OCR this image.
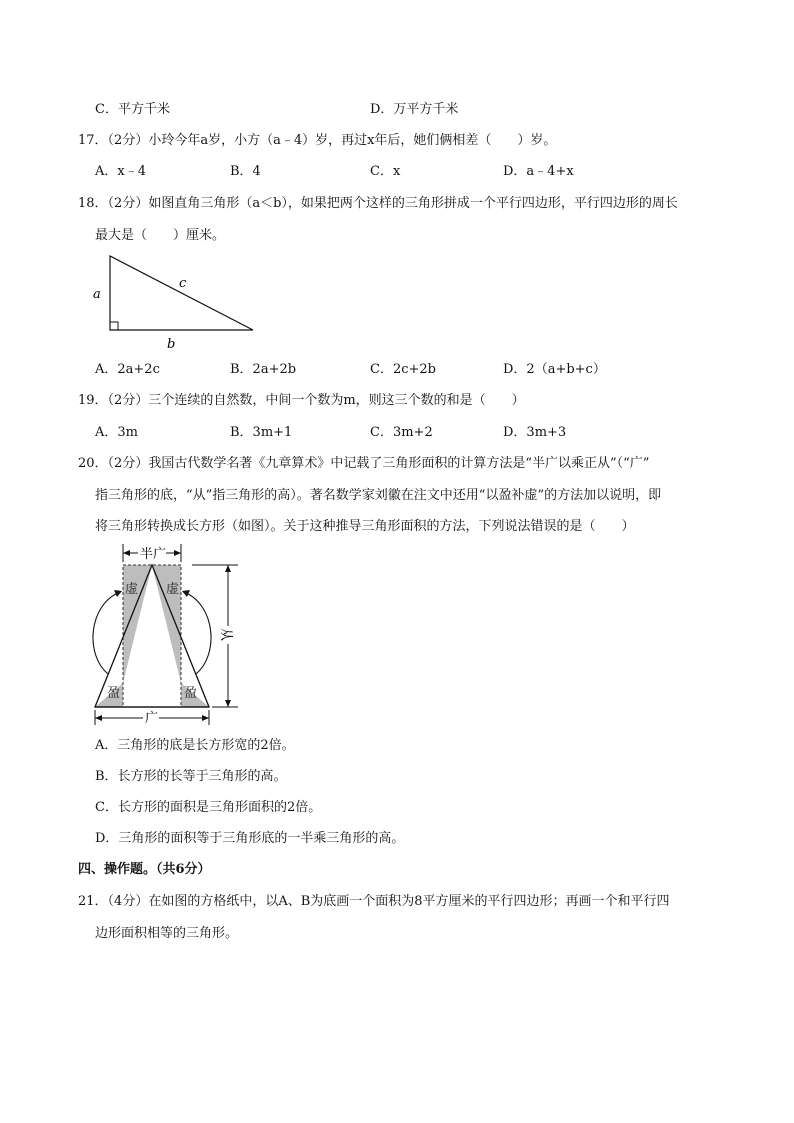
C．平方千米	D．万平方千米
17．（2分）小玲今年a岁，小方（a﹣4）岁，再过x年后，她们俩相差（　　）岁。
A．x﹣4	B．4	C．x	D．a﹣4+x
18．（2分）如图直角三角形（a＜b），如果把两个这样的三角形拼成一个平行四边形，平行四边形的周长
最大是（　　）厘米。
a
c
b
A．2a+2c	B．2a+2b	C．2c+2b	D．2（a+b+c）
19．（2分）三个连续的自然数，中间一个数为m，则这三个数的和是（　　）
A．3m	B．3m+1	C．3m+2	D．3m+3
20．（2分）我国古代数学名著《九章算术》中记载了三角形面积的计算方法是“半广以乘正从”（“广”
指三角形的底，“从”指三角形的高）。著名数学家刘徽在注文中还用“以盈补虚”的方法加以说明，即
将三角形转换成长方形（如图）。关于这种推导三角形面积的方法，下列说法错误的是（　　）
半广
广
从
虚 虚
盈	盈
A．三角形的底是长方形宽的2倍。
B．长方形的长等于三角形的高。
C．长方形的面积是三角形面积的2倍。
D．三角形的面积等于三角形底的一半乘三角形的高。
四、操作题。（共6分）
21．（4分）在如图的方格纸中，以A、B为底画一个面积为8平方厘米的平行四边形；再画一个和平行四
边形面积相等的三角形。
